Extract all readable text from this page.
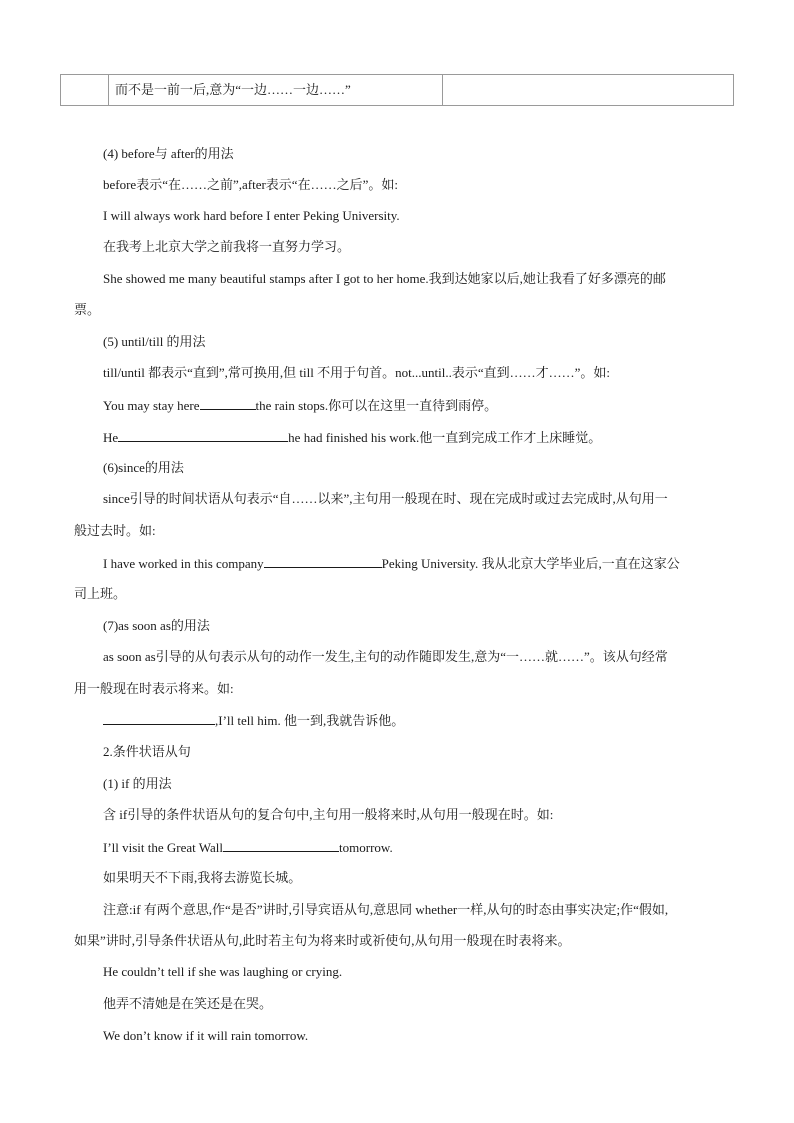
而不是一前一后,意为“一边……一边……”
(4) before与 after的用法
before表示“在……之前”,after表示“在……之后”。如:
I will always work hard before I enter Peking University.
在我考上北京大学之前我将一直努力学习。
She showed me many beautiful stamps after I got to her home.我到达她家以后,她让我看了好多漂亮的邮
票。
(5) until/till 的用法
till/until 都表示“直到”,常可换用,但 till 不用于句首。not...until..表示“直到……才……”。如:
You may stay here	the rain stops.你可以在这里一直待到雨停。
He	he had finished his work.他一直到完成工作才上床睡觉。
(6)since的用法
since引导的时间状语从句表示“自……以来”,主句用一般现在时、现在完成时或过去完成时,从句用一
般过去时。如:
I have worked in this company	Peking University. 我从北京大学毕业后,一直在这家公
司上班。
(7)as soon as的用法
as soon as引导的从句表示从句的动作一发生,主句的动作随即发生,意为“一……就……”。该从句经常
用一般现在时表示将来。如:
,I’ll tell him. 他一到,我就告诉他。
2.条件状语从句
(1) if 的用法
含 if引导的条件状语从句的复合句中,主句用一般将来时,从句用一般现在时。如:
I’ll visit the Great Wall	tomorrow.
如果明天不下雨,我将去游览长城。
注意:if 有两个意思,作“是否”讲时,引导宾语从句,意思同 whether一样,从句的时态由事实决定;作“假如,
如果”讲时,引导条件状语从句,此时若主句为将来时或祈使句,从句用一般现在时表将来。
He couldn’t tell if she was laughing or crying.
他弄不清她是在笑还是在哭。
We don’t know if it will rain tomorrow.
